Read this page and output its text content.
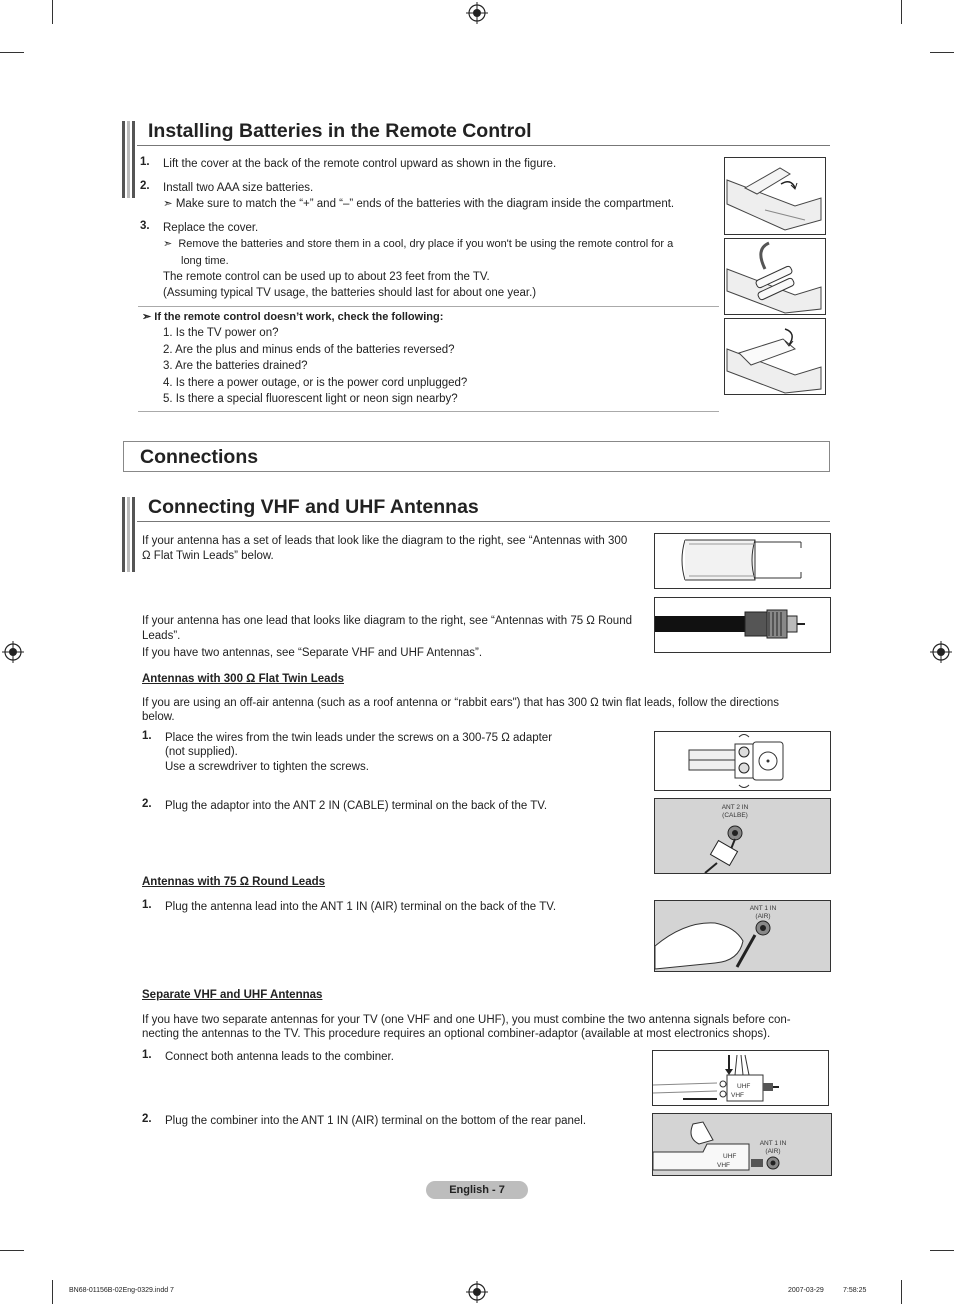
Installing Batteries in the Remote Control
1. Lift the cover at the back of the remote control upward as shown in the figure.
2. Install two AAA size batteries.
➣ Make sure to match the “+” and “–” ends of the batteries with the diagram inside the compartment.
3. Replace the cover.
➣ Remove the batteries and store them in a cool, dry place if you won't be using the remote control for a
long time.
The remote control can be used up to about 23 feet from the TV.
(Assuming typical TV usage, the batteries should last for about one year.)
➣ If the remote control doesn’t work, check the following:
1. Is the TV power on?
2. Are the plus and minus ends of the batteries reversed?
3. Are the batteries drained?
4. Is there a power outage, or is the power cord unplugged?
5. Is there a special fluorescent light or neon sign nearby?
Connections
Connecting VHF and UHF Antennas
If your antenna has a set of leads that look like the diagram to the right, see “Antennas with 300
Ω Flat Twin Leads” below.
If your antenna has one lead that looks like diagram to the right, see “Antennas with 75 Ω Round
Leads”.
If you have two antennas, see “Separate VHF and UHF Antennas”.
Antennas with 300 Ω Flat Twin Leads
If you are using an off-air antenna (such as a roof antenna or “rabbit ears") that has 300 Ω twin flat leads, follow the directions
below.
1. Place the wires from the twin leads under the screws on a 300-75 Ω adapter
(not supplied).
Use a screwdriver to tighten the screws.
2. Plug the adaptor into the ANT 2 IN (CABLE) terminal on the back of the TV.	ANT 2 IN
(CALBE)
Antennas with 75 Ω Round Leads
1. Plug the antenna lead into the ANT 1 IN (AIR) terminal on the back of the TV.	ANT 1 IN
(AIR)
Separate VHF and UHF Antennas
If you have two separate antennas for your TV (one VHF and one UHF), you must combine the two antenna signals before con-
necting the antennas to the TV. This procedure requires an optional combiner-adaptor (available at most electronics shops).
1. Connect both antenna leads to the combiner.
UHF
VHF
2. Plug the combiner into the ANT 1 IN (AIR) terminal on the bottom of the rear panel.
UHF
VHF
ANT 1 IN
(AIR)
English - 7
BN68-01156B-02Eng-0329.indd 7	2007-03-29	7:58:25
